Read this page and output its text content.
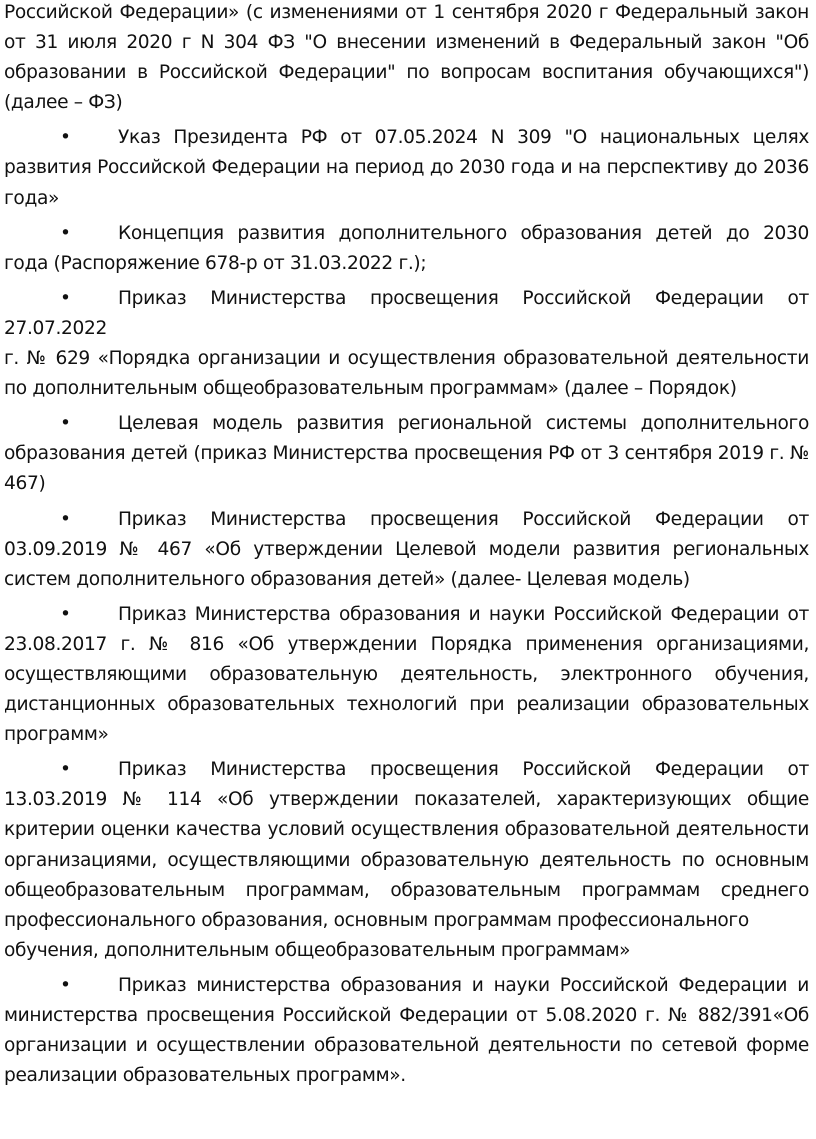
Российской Федерации» (с изменениями от 1 сентября 2020 г Федеральный закон от 31 июля 2020 г N 304 ФЗ "О внесении изменений в Федеральный закон "Об образовании в Российской Федерации" по вопросам воспитания обучающихся") (далее – ФЗ)

•	Указ Президента РФ от 07.05.2024 N 309 "О национальных целях развития Российской Федерации на период до 2030 года и на перспективу до 2036 года»

•	Концепция развития дополнительного образования детей до 2030 года (Распоряжение 678-р от 31.03.2022 г.);

•	Приказ Министерства просвещения Российской Федерации от 27.07.2022

г. № 629 «Порядка организации и осуществления образовательной деятельности по дополнительным общеобразовательным программам» (далее – Порядок)

•	Целевая модель развития региональной системы дополнительного образования детей (приказ Министерства просвещения РФ от 3 сентября 2019 г. № 467)

•	Приказ Министерства просвещения Российской Федерации от 03.09.2019 № 467 «Об утверждении Целевой модели развития региональных систем дополнительного образования детей» (далее- Целевая модель)

•	Приказ Министерства образования и науки Российской Федерации от 23.08.2017 г. № 816 «Об утверждении Порядка применения организациями, осуществляющими образовательную деятельность, электронного обучения, дистанционных образовательных технологий при реализации образовательных программ»

•	Приказ Министерства просвещения Российской Федерации от 13.03.2019 № 114 «Об утверждении показателей, характеризующих общие критерии оценки качества условий осуществления образовательной деятельности организациями, осуществляющими образовательную деятельность по основным общеобразовательным программам, образовательным программам среднего профессионального образования, основным программам профессионального

обучения, дополнительным общеобразовательным программам»

•	Приказ министерства образования и науки Российской Федерации и министерства просвещения Российской Федерации от 5.08.2020 г. № 882/391«Об организации и осуществлении образовательной деятельности по сетевой форме реализации образовательных программ».
